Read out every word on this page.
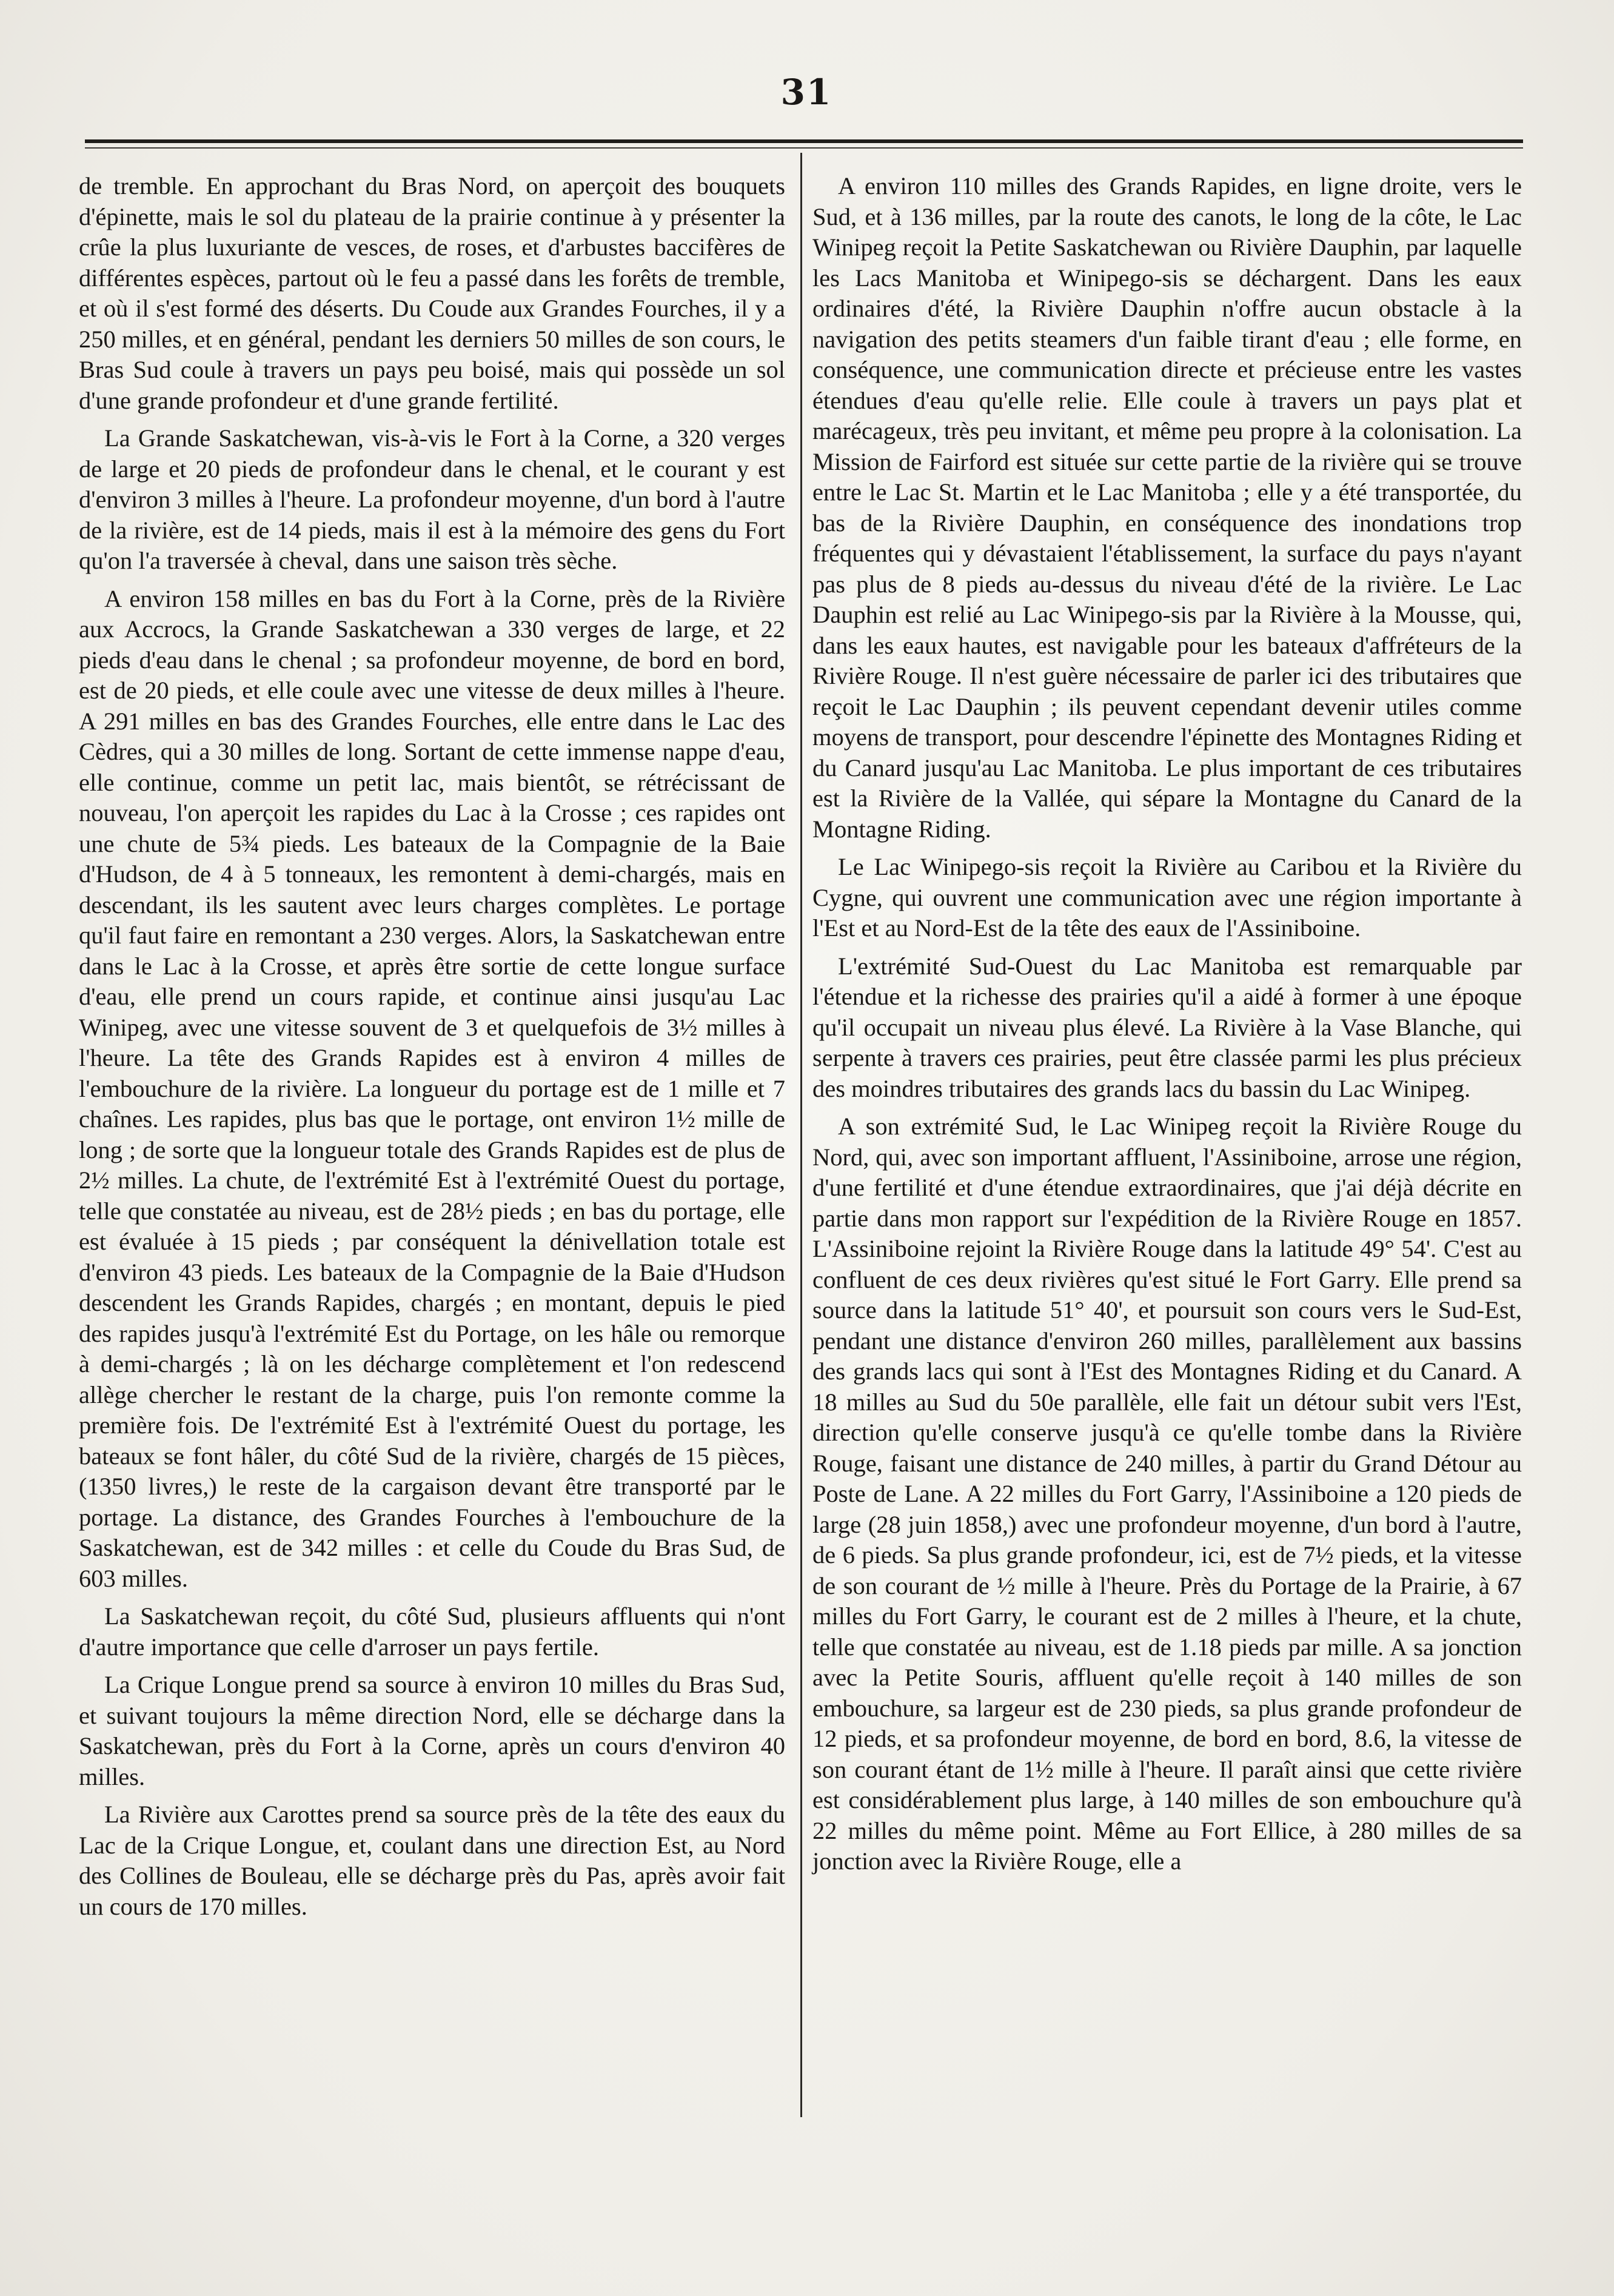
31

de tremble. En approchant du Bras Nord, on aperçoit des bouquets d'épinette, mais le sol du plateau de la prairie continue à y présenter la crûe la plus luxuriante de vesces, de roses, et d'arbustes baccifères de différentes espèces, partout où le feu a passé dans les forêts de tremble, et où il s'est formé des déserts. Du Coude aux Grandes Fourches, il y a 250 milles, et en général, pendant les derniers 50 milles de son cours, le Bras Sud coule à travers un pays peu boisé, mais qui possède un sol d'une grande profondeur et d'une grande fertilité.

La Grande Saskatchewan, vis-à-vis le Fort à la Corne, a 320 verges de large et 20 pieds de profondeur dans le chenal, et le courant y est d'environ 3 milles à l'heure. La profondeur moyenne, d'un bord à l'autre de la rivière, est de 14 pieds, mais il est à la mémoire des gens du Fort qu'on l'a traversée à cheval, dans une saison très sèche.

A environ 158 milles en bas du Fort à la Corne, près de la Rivière aux Accrocs, la Grande Saskatchewan a 330 verges de large, et 22 pieds d'eau dans le chenal ; sa profondeur moyenne, de bord en bord, est de 20 pieds, et elle coule avec une vitesse de deux milles à l'heure. A 291 milles en bas des Grandes Fourches, elle entre dans le Lac des Cèdres, qui a 30 milles de long. Sortant de cette immense nappe d'eau, elle continue, comme un petit lac, mais bientôt, se rétrécissant de nouveau, l'on aperçoit les rapides du Lac à la Crosse ; ces rapides ont une chute de 5¾ pieds. Les bateaux de la Compagnie de la Baie d'Hudson, de 4 à 5 tonneaux, les remontent à demi-chargés, mais en descendant, ils les sautent avec leurs charges complètes. Le portage qu'il faut faire en remontant a 230 verges. Alors, la Saskatchewan entre dans le Lac à la Crosse, et après être sortie de cette longue surface d'eau, elle prend un cours rapide, et continue ainsi jusqu'au Lac Winipeg, avec une vitesse souvent de 3 et quelquefois de 3½ milles à l'heure. La tête des Grands Rapides est à environ 4 milles de l'embouchure de la rivière. La longueur du portage est de 1 mille et 7 chaînes. Les rapides, plus bas que le portage, ont environ 1½ mille de long ; de sorte que la longueur totale des Grands Rapides est de plus de 2½ milles. La chute, de l'extrémité Est à l'extrémité Ouest du portage, telle que constatée au niveau, est de 28½ pieds ; en bas du portage, elle est évaluée à 15 pieds ; par conséquent la dénivellation totale est d'environ 43 pieds. Les bateaux de la Compagnie de la Baie d'Hudson descendent les Grands Rapides, chargés ; en montant, depuis le pied des rapides jusqu'à l'extrémité Est du Portage, on les hâle ou remorque à demi-chargés ; là on les décharge complètement et l'on redescend allège chercher le restant de la charge, puis l'on remonte comme la première fois. De l'extrémité Est à l'extrémité Ouest du portage, les bateaux se font hâler, du côté Sud de la rivière, chargés de 15 pièces, (1350 livres,) le reste de la cargaison devant être transporté par le portage. La distance, des Grandes Fourches à l'embouchure de la Saskatchewan, est de 342 milles : et celle du Coude du Bras Sud, de 603 milles.

La Saskatchewan reçoit, du côté Sud, plusieurs affluents qui n'ont d'autre importance que celle d'arroser un pays fertile.

La Crique Longue prend sa source à environ 10 milles du Bras Sud, et suivant toujours la même direction Nord, elle se décharge dans la Saskatchewan, près du Fort à la Corne, après un cours d'environ 40 milles.

La Rivière aux Carottes prend sa source près de la tête des eaux du Lac de la Crique Longue, et, coulant dans une direction Est, au Nord des Collines de Bouleau, elle se décharge près du Pas, après avoir fait un cours de 170 milles.

A environ 110 milles des Grands Rapides, en ligne droite, vers le Sud, et à 136 milles, par la route des canots, le long de la côte, le Lac Winipeg reçoit la Petite Saskatchewan ou Rivière Dauphin, par laquelle les Lacs Manitoba et Winipego-sis se déchargent. Dans les eaux ordinaires d'été, la Rivière Dauphin n'offre aucun obstacle à la navigation des petits steamers d'un faible tirant d'eau ; elle forme, en conséquence, une communication directe et précieuse entre les vastes étendues d'eau qu'elle relie. Elle coule à travers un pays plat et marécageux, très peu invitant, et même peu propre à la colonisation. La Mission de Fairford est située sur cette partie de la rivière qui se trouve entre le Lac St. Martin et le Lac Manitoba ; elle y a été transportée, du bas de la Rivière Dauphin, en conséquence des inondations trop fréquentes qui y dévastaient l'établissement, la surface du pays n'ayant pas plus de 8 pieds au-dessus du niveau d'été de la rivière. Le Lac Dauphin est relié au Lac Winipego-sis par la Rivière à la Mousse, qui, dans les eaux hautes, est navigable pour les bateaux d'affréteurs de la Rivière Rouge. Il n'est guère nécessaire de parler ici des tributaires que reçoit le Lac Dauphin ; ils peuvent cependant devenir utiles comme moyens de transport, pour descendre l'épinette des Montagnes Riding et du Canard jusqu'au Lac Manitoba. Le plus important de ces tributaires est la Rivière de la Vallée, qui sépare la Montagne du Canard de la Montagne Riding.

Le Lac Winipego-sis reçoit la Rivière au Caribou et la Rivière du Cygne, qui ouvrent une communication avec une région importante à l'Est et au Nord-Est de la tête des eaux de l'Assiniboine.

L'extrémité Sud-Ouest du Lac Manitoba est remarquable par l'étendue et la richesse des prairies qu'il a aidé à former à une époque qu'il occupait un niveau plus élevé. La Rivière à la Vase Blanche, qui serpente à travers ces prairies, peut être classée parmi les plus précieux des moindres tributaires des grands lacs du bassin du Lac Winipeg.

A son extrémité Sud, le Lac Winipeg reçoit la Rivière Rouge du Nord, qui, avec son important affluent, l'Assiniboine, arrose une région, d'une fertilité et d'une étendue extraordinaires, que j'ai déjà décrite en partie dans mon rapport sur l'expédition de la Rivière Rouge en 1857. L'Assiniboine rejoint la Rivière Rouge dans la latitude 49° 54'. C'est au confluent de ces deux rivières qu'est situé le Fort Garry. Elle prend sa source dans la latitude 51° 40', et poursuit son cours vers le Sud-Est, pendant une distance d'environ 260 milles, parallèlement aux bassins des grands lacs qui sont à l'Est des Montagnes Riding et du Canard. A 18 milles au Sud du 50e parallèle, elle fait un détour subit vers l'Est, direction qu'elle conserve jusqu'à ce qu'elle tombe dans la Rivière Rouge, faisant une distance de 240 milles, à partir du Grand Détour au Poste de Lane. A 22 milles du Fort Garry, l'Assiniboine a 120 pieds de large (28 juin 1858,) avec une profondeur moyenne, d'un bord à l'autre, de 6 pieds. Sa plus grande profondeur, ici, est de 7½ pieds, et la vitesse de son courant de ½ mille à l'heure. Près du Portage de la Prairie, à 67 milles du Fort Garry, le courant est de 2 milles à l'heure, et la chute, telle que constatée au niveau, est de 1.18 pieds par mille. A sa jonction avec la Petite Souris, affluent qu'elle reçoit à 140 milles de son embouchure, sa largeur est de 230 pieds, sa plus grande profondeur de 12 pieds, et sa profondeur moyenne, de bord en bord, 8.6, la vitesse de son courant étant de 1½ mille à l'heure. Il paraît ainsi que cette rivière est considérablement plus large, à 140 milles de son embouchure qu'à 22 milles du même point. Même au Fort Ellice, à 280 milles de sa jonction avec la Rivière Rouge, elle a
